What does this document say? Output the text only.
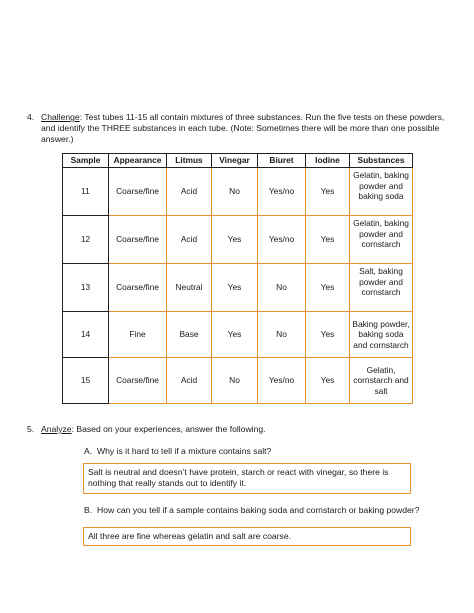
4. Challenge: Test tubes 11-15 all contain mixtures of three substances. Run the five tests on these powders, and identify the THREE substances in each tube. (Note: Sometimes there will be more than one possible answer.)
Sample	Appearance	Litmus	Vinegar	Biuret	Iodine	Substances
11	Coarse/fine	Acid	No	Yes/no	Yes	Gelatin, baking powder and baking soda
12	Coarse/fine	Acid	Yes	Yes/no	Yes	Gelatin, baking powder and cornstarch
13	Coarse/fine	Neutral	Yes	No	Yes	Salt, baking powder and cornstarch
14	Fine	Base	Yes	No	Yes	Baking powder, baking soda and cornstarch
15	Coarse/fine	Acid	No	Yes/no	Yes	Gelatin, cornstarch and salt
5. Analyze: Based on your experiences, answer the following.
A. Why is it hard to tell if a mixture contains salt?
Salt is neutral and doesn’t have protein, starch or react with vinegar, so there is nothing that really stands out to identify it.
B. How can you tell if a sample contains baking soda and cornstarch or baking powder?
All three are fine whereas gelatin and salt are coarse.
